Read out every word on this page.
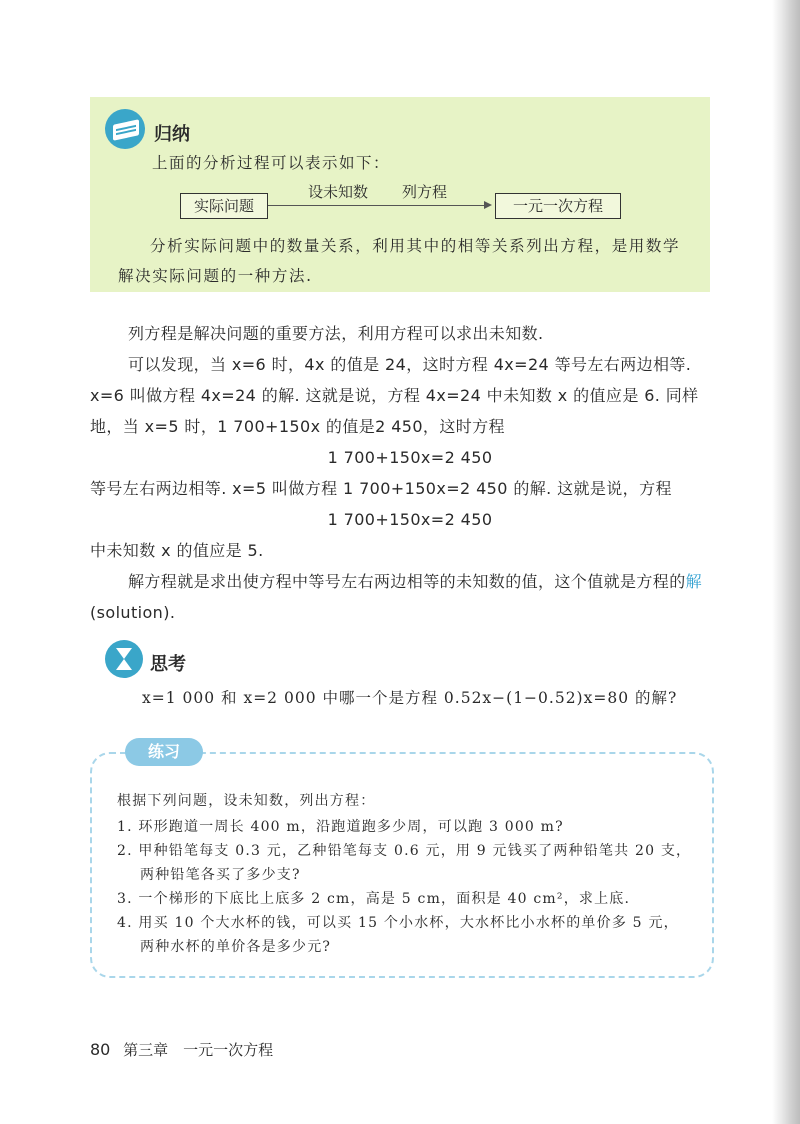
归纳
上面的分析过程可以表示如下：
实际问题
设未知数 列方程
一元一次方程
分析实际问题中的数量关系，利用其中的相等关系列出方程，是用数学解决实际问题的一种方法.

列方程是解决问题的重要方法，利用方程可以求出未知数.

可以发现，当 x=6 时，4x 的值是 24，这时方程 4x=24 等号左右两边相等. x=6 叫做方程 4x=24 的解. 这就是说，方程 4x=24 中未知数 x 的值应是 6. 同样地，当 x=5 时，1 700+150x 的值是2 450，这时方程

1 700+150x=2 450

等号左右两边相等. x=5 叫做方程 1 700+150x=2 450 的解. 这就是说，方程

1 700+150x=2 450

中未知数 x 的值应是 5.

解方程就是求出使方程中等号左右两边相等的未知数的值，这个值就是方程的解(solution).

思考
x=1 000 和 x=2 000 中哪一个是方程 0.52x−(1−0.52)x=80 的解?
练习
根据下列问题，设未知数，列出方程：
1. 环形跑道一周长 400 m，沿跑道跑多少周，可以跑 3 000 m?
2. 甲种铅笔每支 0.3 元，乙种铅笔每支 0.6 元，用 9 元钱买了两种铅笔共 20 支，
两种铅笔各买了多少支?
3. 一个梯形的下底比上底多 2 cm，高是 5 cm，面积是 40 cm²，求上底.
4. 用买 10 个大水杯的钱，可以买 15 个小水杯，大水杯比小水杯的单价多 5 元，
两种水杯的单价各是多少元?
80 第三章　一元一次方程
